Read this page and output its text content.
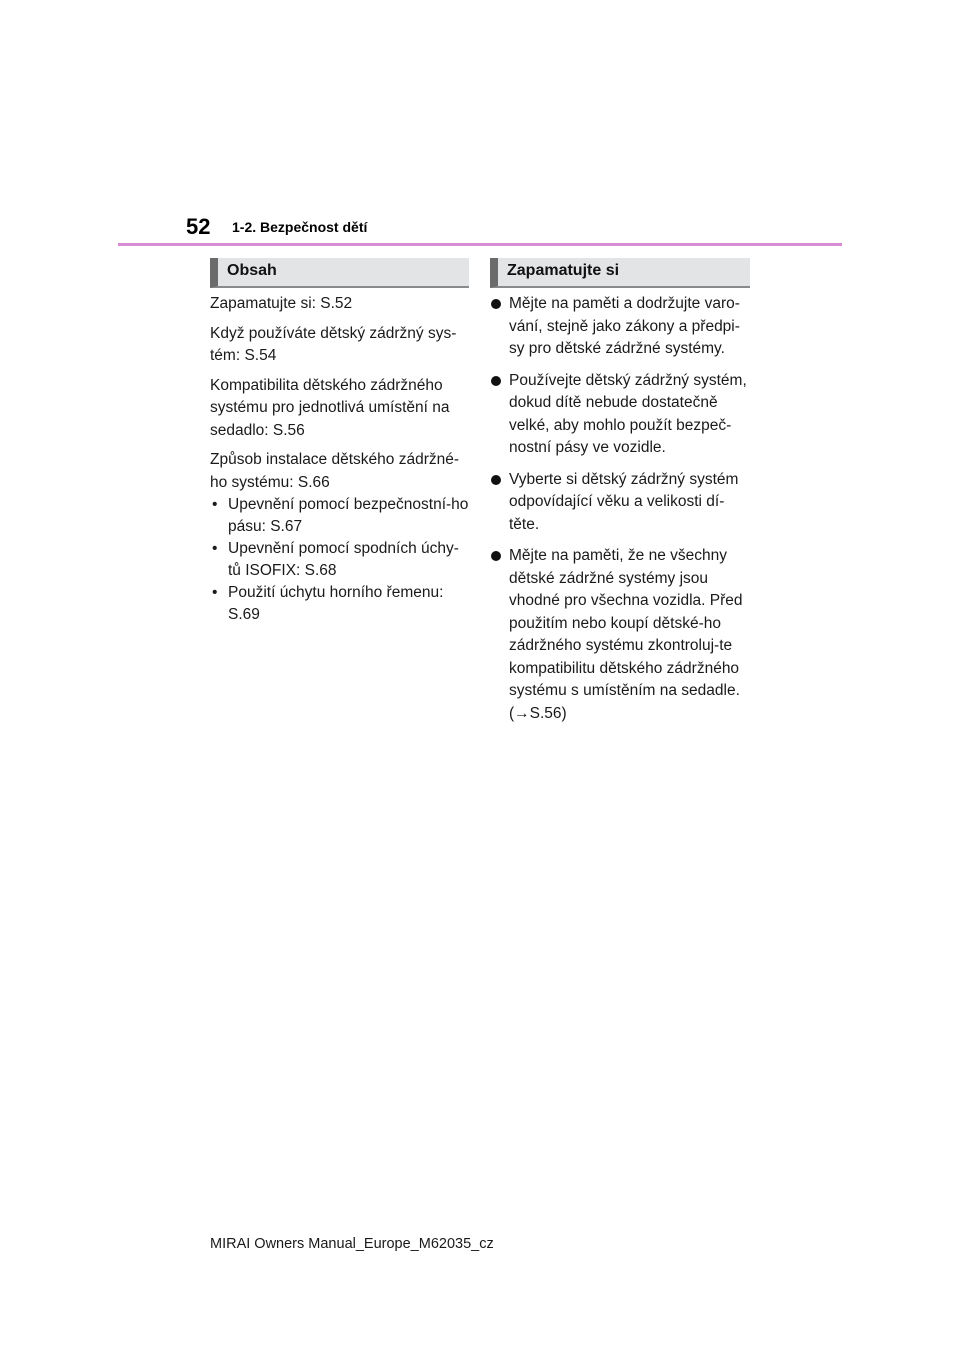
52 1-2. Bezpečnost dětí
Obsah

Zapamatujte si: S.52

Když používáte dětský zádržný sys-tém: S.54

Kompatibilita dětského zádržného systému pro jednotlivá umístění na sedadlo: S.56

Způsob instalace dětského zádržné-ho systému: S.66

• Upevnění pomocí bezpečnostní-ho pásu: S.67

• Upevnění pomocí spodních úchy-tů ISOFIX: S.68

• Použití úchytu horního řemenu: S.69

Zapamatujte si
Mějte na paměti a dodržujte varo-vání, stejně jako zákony a předpi-sy pro dětské zádržné systémy.
Používejte dětský zádržný systém, dokud dítě nebude dostatečně velké, aby mohlo použít bezpeč-nostní pásy ve vozidle.
Vyberte si dětský zádržný systém odpovídající věku a velikosti dí-těte.
Mějte na paměti, že ne všechny dětské zádržné systémy jsou vhodné pro všechna vozidla. Před použitím nebo koupí dětské-ho zádržného systému zkontroluj-te kompatibilitu dětského zádržného systému s umístěním na sedadle. (→S.56)
MIRAI Owners Manual_Europe_M62035_cz
